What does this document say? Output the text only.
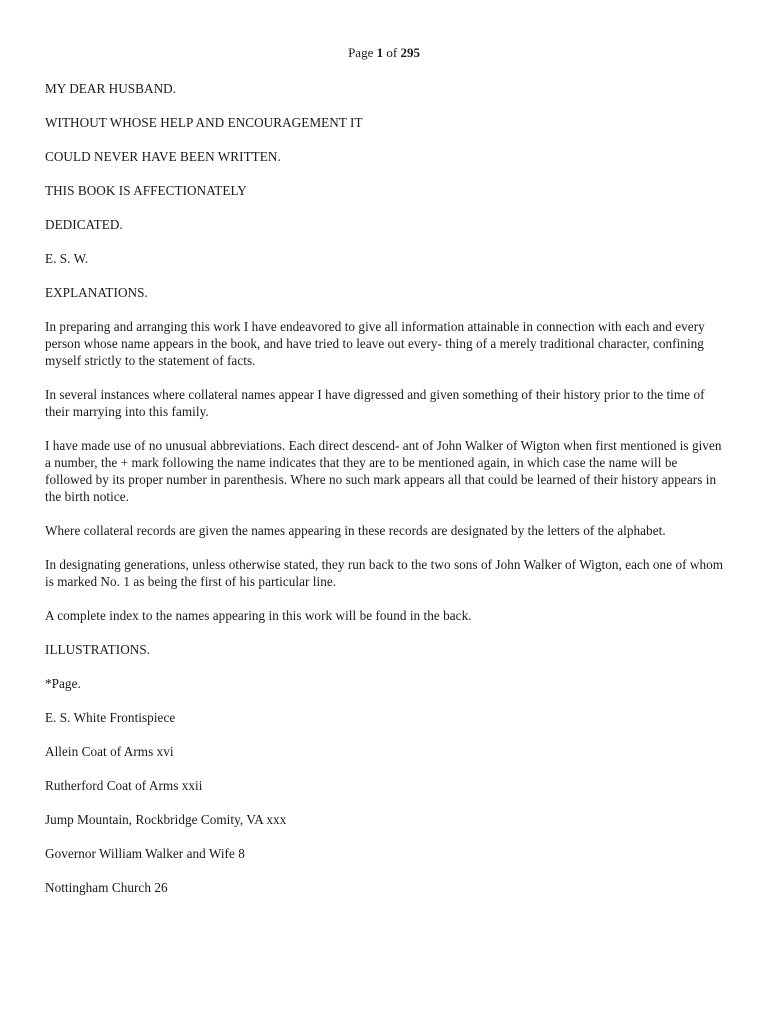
Page 1 of 295

MY DEAR HUSBAND.

WITHOUT WHOSE HELP AND ENCOURAGEMENT IT

COULD NEVER HAVE BEEN WRITTEN.

THIS BOOK IS AFFECTIONATELY

DEDICATED.

E. S. W.

EXPLANATIONS.

In preparing and arranging this work I have endeavored to give all information attainable in connection with each and every person whose name appears in the book, and have tried to leave out every- thing of a merely traditional character, confining myself strictly to the statement of facts.

In several instances where collateral names appear I have digressed and given something of their history prior to the time of their marrying into this family.

I have made use of no unusual abbreviations. Each direct descend- ant of John Walker of Wigton when first mentioned is given a number, the + mark following the name indicates that they are to be mentioned again, in which case the name will be followed by its proper number in parenthesis. Where no such mark appears all that could be learned of their history appears in the birth notice.

Where collateral records are given the names appearing in these records are designated by the letters of the alphabet.

In designating generations, unless otherwise stated, they run back to the two sons of John Walker of Wigton, each one of whom is marked No. 1 as being the first of his particular line.

A complete index to the names appearing in this work will be found in the back.

ILLUSTRATIONS.

*Page.

E. S. White Frontispiece

Allein Coat of Arms xvi

Rutherford Coat of Arms xxii

Jump Mountain, Rockbridge Comity, VA xxx

Governor William Walker and Wife 8

Nottingham Church 26
